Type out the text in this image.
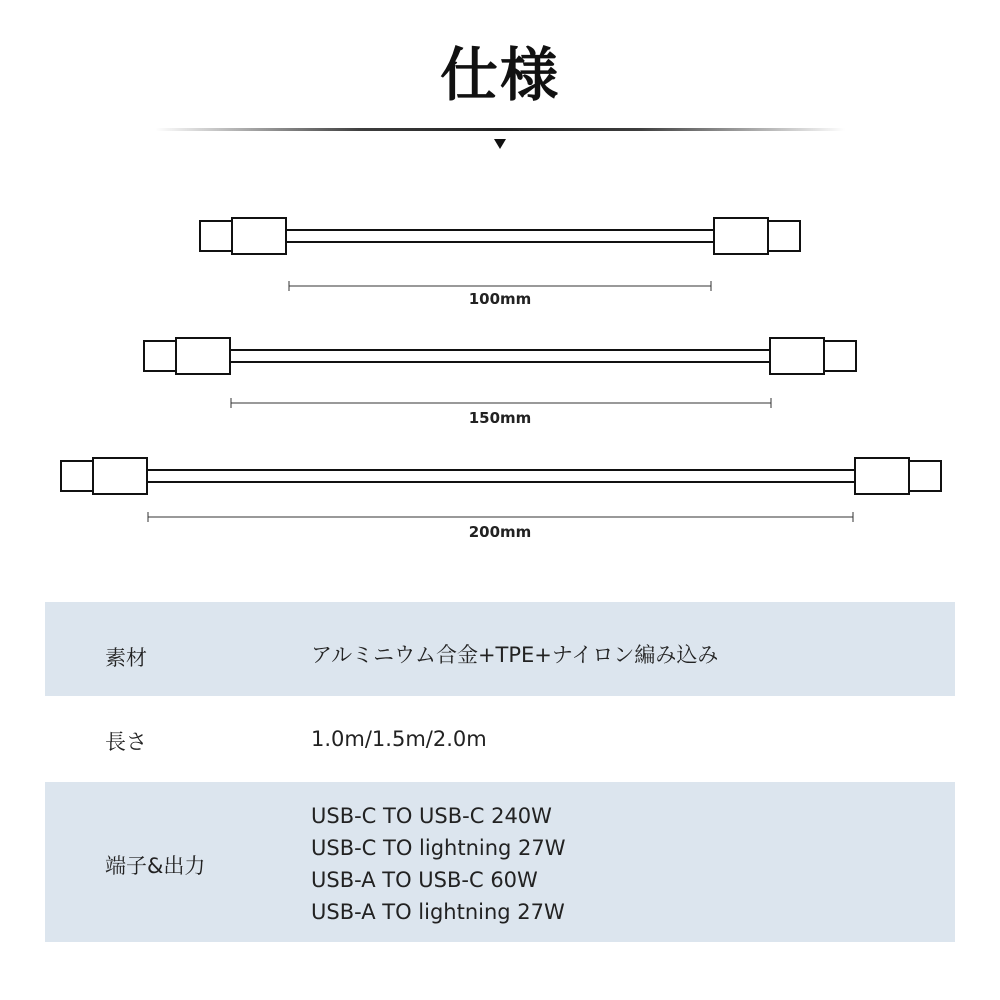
仕様
100mm
150mm
200mm
素材	アルミニウム合金+TPE+ナイロン編み込み
長さ	1.0m/1.5m/2.0m
端子&出力
USB-C TO USB-C 240W
USB-C TO lightning 27W
USB-A TO USB-C 60W
USB-A TO lightning 27W
